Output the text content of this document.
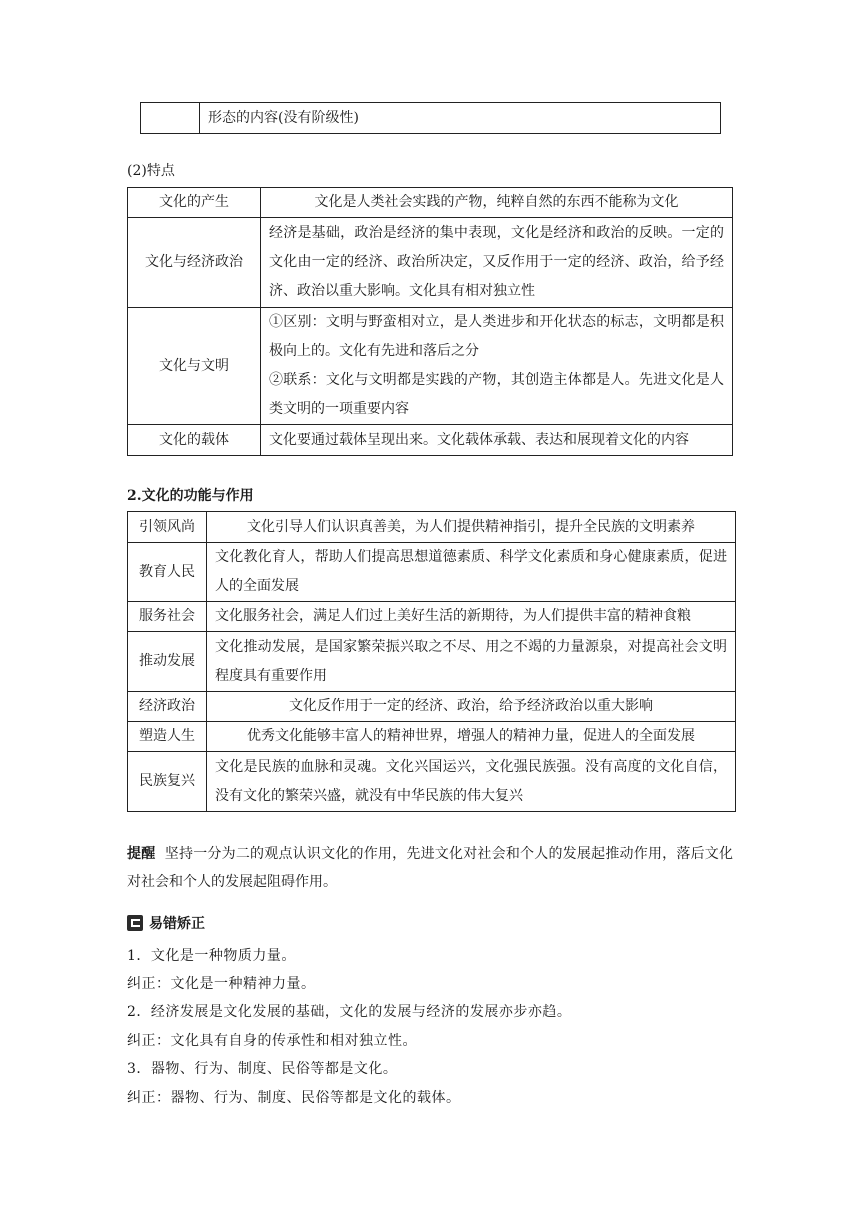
	形态的内容(没有阶级性)
(2)特点
文化的产生	文化是人类社会实践的产物，纯粹自然的东西不能称为文化
文化与经济政治	经济是基础，政治是经济的集中表现，文化是经济和政治的反映。一定的文化由一定的经济、政治所决定，又反作用于一定的经济、政治，给予经济、政治以重大影响。文化具有相对独立性
文化与文明	①区别：文明与野蛮相对立，是人类进步和开化状态的标志，文明都是积极向上的。文化有先进和落后之分
②联系：文化与文明都是实践的产物，其创造主体都是人。先进文化是人类文明的一项重要内容

文化的载体	文化要通过载体呈现出来。文化载体承载、表达和展现着文化的内容
2.文化的功能与作用
引领风尚	文化引导人们认识真善美，为人们提供精神指引，提升全民族的文明素养
教育人民	文化教化育人，帮助人们提高思想道德素质、科学文化素质和身心健康素质，促进人的全面发展
服务社会	文化服务社会，满足人们过上美好生活的新期待，为人们提供丰富的精神食粮
推动发展	文化推动发展，是国家繁荣振兴取之不尽、用之不竭的力量源泉，对提高社会文明程度具有重要作用
经济政治	文化反作用于一定的经济、政治，给予经济政治以重大影响
塑造人生	优秀文化能够丰富人的精神世界，增强人的精神力量，促进人的全面发展
民族复兴	文化是民族的血脉和灵魂。文化兴国运兴，文化强民族强。没有高度的文化自信，没有文化的繁荣兴盛，就没有中华民族的伟大复兴
提醒 坚持一分为二的观点认识文化的作用，先进文化对社会和个人的发展起推动作用，落后文化对社会和个人的发展起阻碍作用。
易错矫正
1．文化是一种物质力量。
纠正：文化是一种精神力量。
2．经济发展是文化发展的基础，文化的发展与经济的发展亦步亦趋。
纠正：文化具有自身的传承性和相对独立性。
3．器物、行为、制度、民俗等都是文化。
纠正：器物、行为、制度、民俗等都是文化的载体。
